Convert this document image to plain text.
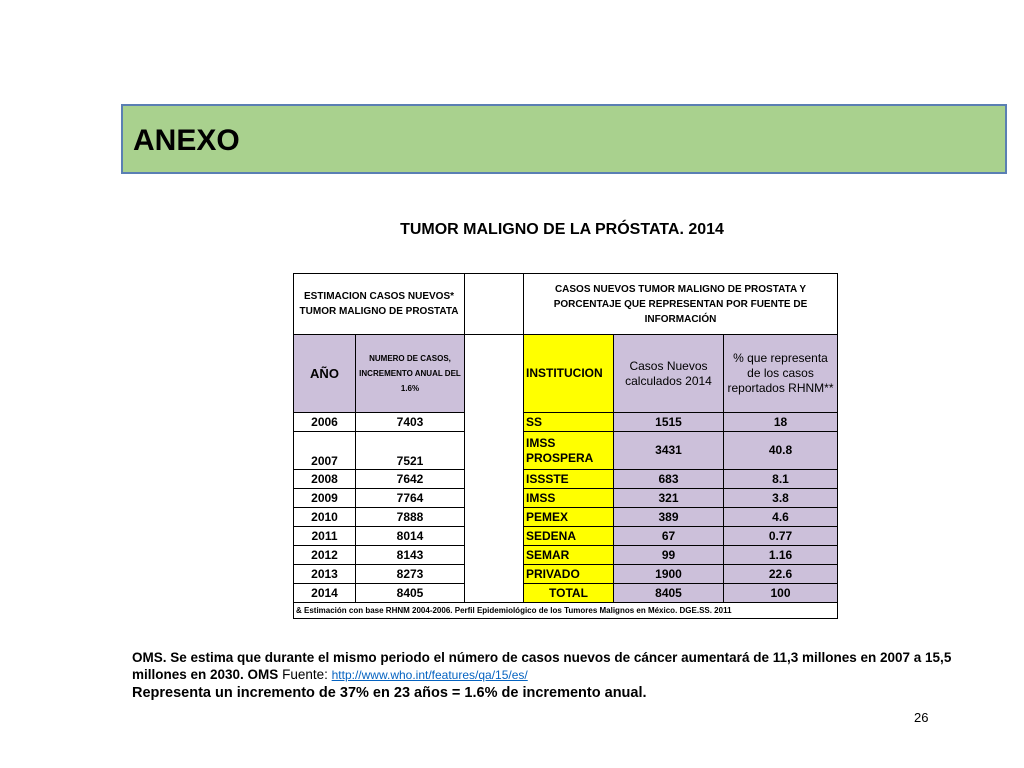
ANEXO
TUMOR MALIGNO DE LA PRÓSTATA. 2014
ESTIMACION CASOS NUEVOS* TUMOR MALIGNO DE PROSTATA			CASOS NUEVOS TUMOR MALIGNO DE PROSTATA Y PORCENTAJE QUE REPRESENTAN POR FUENTE DE INFORMACIÓN		
AÑO	NUMERO DE CASOS, INCREMENTO ANUAL DEL 1.6%		INSTITUCION	Casos Nuevos calculados 2014	% que representa de los casos reportados RHNM**
2006	7403		SS	1515	18
2007	7521		IMSS PROSPERA	3431	40.8
2008	7642		ISSSTE	683	8.1
2009	7764		IMSS	321	3.8
2010	7888		PEMEX	389	4.6
2011	8014		SEDENA	67	0.77
2012	8143		SEMAR	99	1.16
2013	8273		PRIVADO	1900	22.6
2014	8405		TOTAL	8405	100
& Estimación con base RHNM 2004-2006. Perfil Epidemiológico de los Tumores Malignos en México. DGE.SS. 2011					
OMS. Se estima que durante el mismo periodo el número de casos nuevos de cáncer aumentará de 11,3 millones en 2007 a 15,5 millones en 2030. OMS Fuente: http://www.who.int/features/qa/15/es/
Representa un incremento de 37% en 23 años = 1.6% de incremento anual.
26
